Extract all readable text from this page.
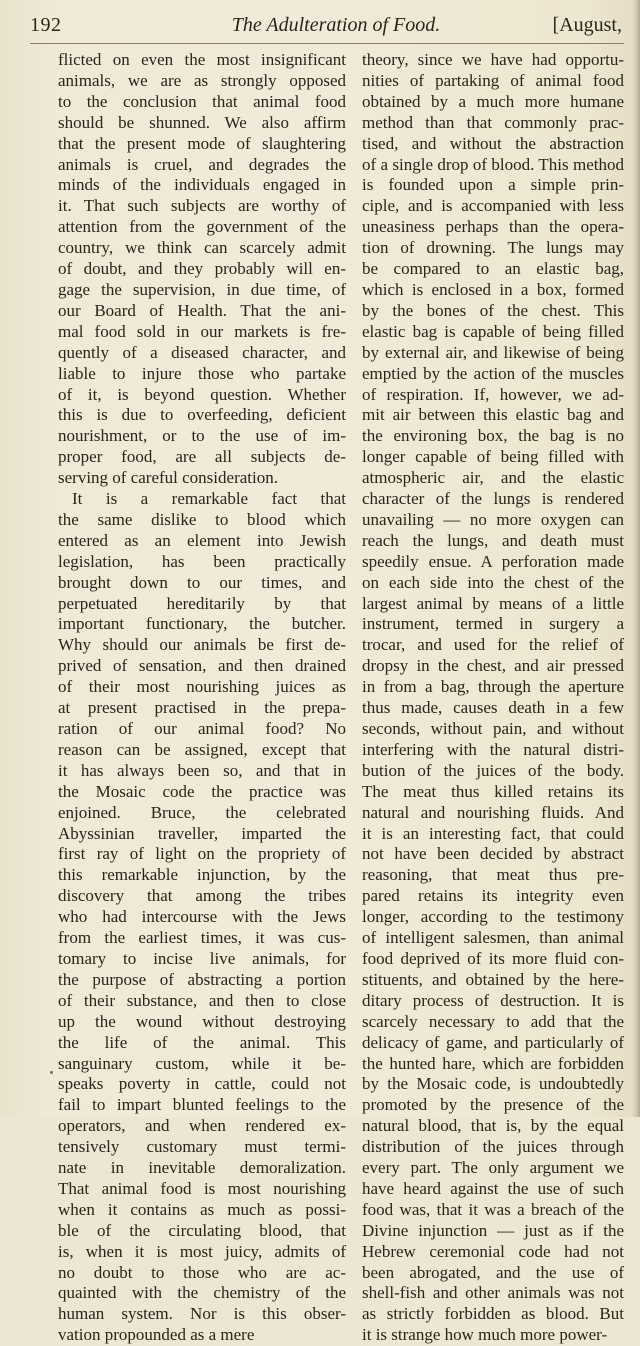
192	The Adulteration of Food.	[August,
flicted on even the most insignificant
animals, we are as strongly opposed
to the conclusion that animal food
should be shunned. We also affirm
that the present mode of slaughtering
animals is cruel, and degrades the
minds of the individuals engaged in
it. That such subjects are worthy of
attention from the government of the
country, we think can scarcely admit
of doubt, and they probably will en-
gage the supervision, in due time, of
our Board of Health. That the ani-
mal food sold in our markets is fre-
quently of a diseased character, and
liable to injure those who partake
of it, is beyond question. Whether
this is due to overfeeding, deficient
nourishment, or to the use of im-
proper food, are all subjects de-
serving of careful consideration.
It is a remarkable fact that
the same dislike to blood which
entered as an element into Jewish
legislation, has been practically
brought down to our times, and
perpetuated hereditarily by that
important functionary, the butcher.
Why should our animals be first de-
prived of sensation, and then drained
of their most nourishing juices as
at present practised in the prepa-
ration of our animal food? No
reason can be assigned, except that
it has always been so, and that in
the Mosaic code the practice was
enjoined. Bruce, the celebrated
Abyssinian traveller, imparted the
first ray of light on the propriety of
this remarkable injunction, by the
discovery that among the tribes
who had intercourse with the Jews
from the earliest times, it was cus-
tomary to incise live animals, for
the purpose of abstracting a portion
of their substance, and then to close
up the wound without destroying
the life of the animal. This
sanguinary custom, while it be-
speaks poverty in cattle, could not
fail to impart blunted feelings to the
operators, and when rendered ex-
tensively customary must termi-
nate in inevitable demoralization.
That animal food is most nourishing
when it contains as much as possi-
ble of the circulating blood, that
is, when it is most juicy, admits of
no doubt to those who are ac-
quainted with the chemistry of the
human system. Nor is this obser-
vation propounded as a mere
theory, since we have had opportu-
nities of partaking of animal food
obtained by a much more humane
method than that commonly prac-
tised, and without the abstraction
of a single drop of blood. This method
is founded upon a simple prin-
ciple, and is accompanied with less
uneasiness perhaps than the opera-
tion of drowning. The lungs may
be compared to an elastic bag,
which is enclosed in a box, formed
by the bones of the chest. This
elastic bag is capable of being filled
by external air, and likewise of being
emptied by the action of the muscles
of respiration. If, however, we ad-
mit air between this elastic bag and
the environing box, the bag is no
longer capable of being filled with
atmospheric air, and the elastic
character of the lungs is rendered
unavailing — no more oxygen can
reach the lungs, and death must
speedily ensue. A perforation made
on each side into the chest of the
largest animal by means of a little
instrument, termed in surgery a
trocar, and used for the relief of
dropsy in the chest, and air pressed
in from a bag, through the aperture
thus made, causes death in a few
seconds, without pain, and without
interfering with the natural distri-
bution of the juices of the body.
The meat thus killed retains its
natural and nourishing fluids. And
it is an interesting fact, that could
not have been decided by abstract
reasoning, that meat thus pre-
pared retains its integrity even
longer, according to the testimony
of intelligent salesmen, than animal
food deprived of its more fluid con-
stituents, and obtained by the here-
ditary process of destruction. It is
scarcely necessary to add that the
delicacy of game, and particularly of
the hunted hare, which are forbidden
by the Mosaic code, is undoubtedly
promoted by the presence of the
natural blood, that is, by the equal
distribution of the juices through
every part. The only argument we
have heard against the use of such
food was, that it was a breach of the
Divine injunction — just as if the
Hebrew ceremonial code had not
been abrogated, and the use of
shell-fish and other animals was not
as strictly forbidden as blood. But
it is strange how much more power-
